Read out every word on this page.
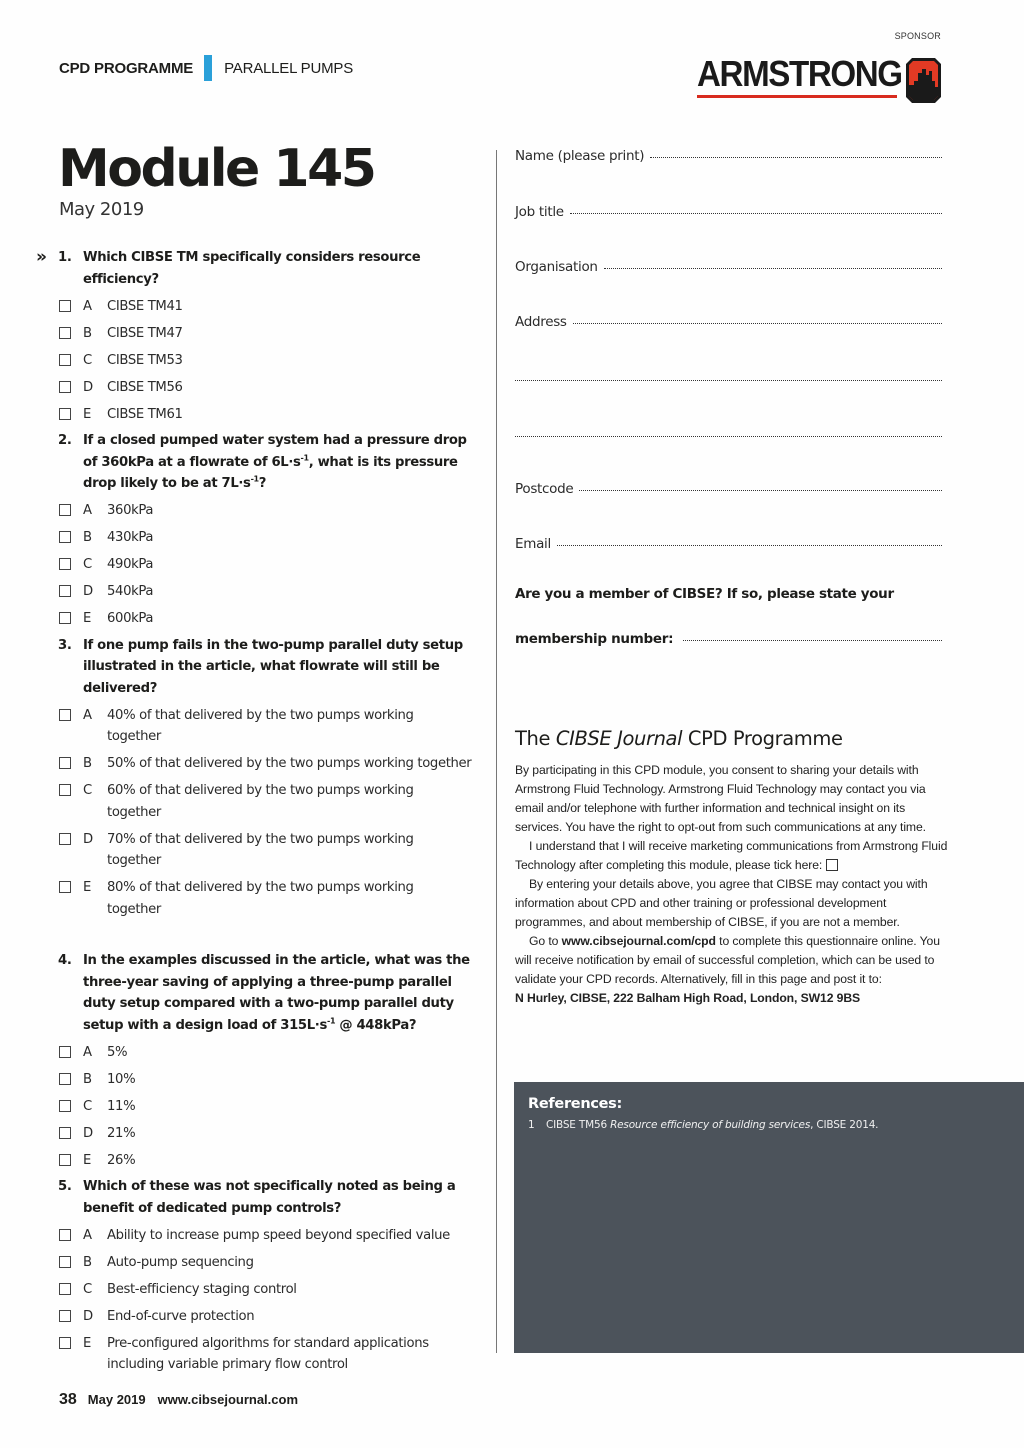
CPD PROGRAMME PARALLEL PUMPS
SPONSOR
ARMSTRONG
Module 145
May 2019
» 1. Which CIBSE TM specifically considers resource efficiency?
A CIBSE TM41
B CIBSE TM47
C CIBSE TM53
D CIBSE TM56
E CIBSE TM61
2. If a closed pumped water system had a pressure drop of 360kPa at a flowrate of $6L\cdot s^{-1}$, what is its pressure drop likely to be at $7L\cdot s^{-1}$?
A 360kPa
B 430kPa
C 490kPa
D 540kPa
E 600kPa
3. If one pump fails in the two-pump parallel duty setup illustrated in the article, what flowrate will still be delivered?
A 40% of that delivered by the two pumps working together
B 50% of that delivered by the two pumps working together
C 60% of that delivered by the two pumps working together
D 70% of that delivered by the two pumps working together
E 80% of that delivered by the two pumps working together
4. In the examples discussed in the article, what was the three-year saving of applying a three-pump parallel duty setup compared with a two-pump parallel duty setup with a design load of $315L\cdot s^{-1}$ @ 448kPa?
A 5%
B 10%
C 11%
D 21%
E 26%
5. Which of these was not specifically noted as being a benefit of dedicated pump controls?
A Ability to increase pump speed beyond specified value
B Auto-pump sequencing
C Best-efficiency staging control
D End-of-curve protection
E Pre-configured algorithms for standard applications including variable primary flow control
Name (please print)
Job title
Organisation
Address
Postcode
Email
Are you a member of CIBSE? If so, please state your
membership number:
The CIBSE Journal CPD Programme

By participating in this CPD module, you consent to sharing your details with Armstrong Fluid Technology. Armstrong Fluid Technology may contact you via email and/or telephone with further information and technical insight on its services. You have the right to opt-out from such communications at any time.

I understand that I will receive marketing communications from Armstrong Fluid Technology after completing this module, please tick here:

By entering your details above, you agree that CIBSE may contact you with information about CPD and other training or professional development programmes, and about membership of CIBSE, if you are not a member.

Go to www.cibsejournal.com/cpd to complete this questionnaire online. You will receive notification by email of successful completion, which can be used to validate your CPD records. Alternatively, fill in this page and post it to:

N Hurley, CIBSE, 222 Balham High Road, London, SW12 9BS

References:
1 CIBSE TM56 Resource efficiency of building services, CIBSE 2014.
38 May 2019 www.cibsejournal.com
